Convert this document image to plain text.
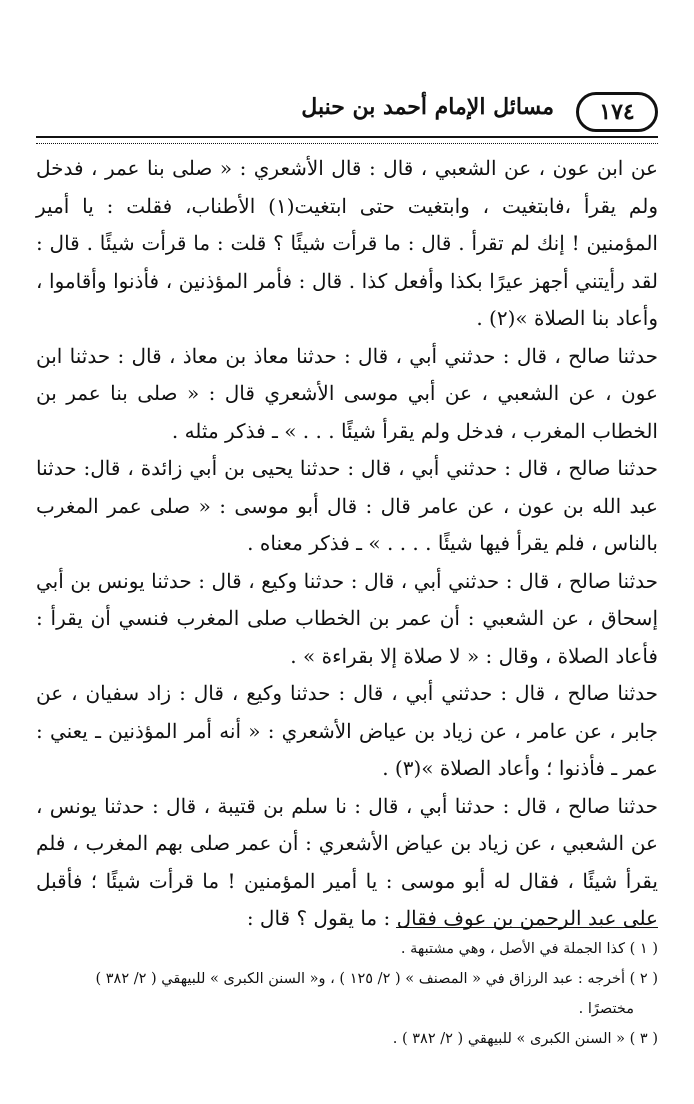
١٧٤
مسائل الإمام أحمد بن حنبل

عن ابن عون ، عن الشعبي ، قال : قال الأشعري : « صلى بنا عمر ، فدخل ولم يقرأ ،فابتغيت ، وابتغيت حتى ابتغيت(١) الأطناب، فقلت : يا أمير المؤمنين ! إنك لم تقرأ . قال : ما قرأت شيئًا ؟ قلت : ما قرأت شيئًا . قال : لقد رأيتني أجهز عيرًا بكذا وأفعل كذا . قال : فأمر المؤذنين ، فأذنوا وأقاموا ، وأعاد بنا الصلاة »(٢) .

حدثنا صالح ، قال : حدثني أبي ، قال : حدثنا معاذ بن معاذ ، قال : حدثنا ابن عون ، عن الشعبي ، عن أبي موسى الأشعري قال : « صلى بنا عمر بن الخطاب المغرب ، فدخل ولم يقرأ شيئًا . . . » ـ فذكر مثله .

حدثنا صالح ، قال : حدثني أبي ، قال : حدثنا يحيى بن أبي زائدة ، قال: حدثنا عبد الله بن عون ، عن عامر قال : قال أبو موسى : « صلى عمر المغرب بالناس ، فلم يقرأ فيها شيئًا . . . . » ـ فذكر معناه .

حدثنا صالح ، قال : حدثني أبي ، قال : حدثنا وكيع ، قال : حدثنا يونس بن أبي إسحاق ، عن الشعبي : أن عمر بن الخطاب صلى المغرب فنسي أن يقرأ : فأعاد الصلاة ، وقال : « لا صلاة إلا بقراءة » .

حدثنا صالح ، قال : حدثني أبي ، قال : حدثنا وكيع ، قال : زاد سفيان ، عن جابر ، عن عامر ، عن زياد بن عياض الأشعري : « أنه أمر المؤذنين ـ يعني : عمر ـ فأذنوا ؛ وأعاد الصلاة »(٣) .

حدثنا صالح ، قال : حدثنا أبي ، قال : نا سلم بن قتيبة ، قال : حدثنا يونس ، عن الشعبي ، عن زياد بن عياض الأشعري : أن عمر صلى بهم المغرب ، فلم يقرأ شيئًا ، فقال له أبو موسى : يا أمير المؤمنين ! ما قرأت شيئًا ؛ فأقبل على عبد الرحمن بن عوف فقال : ما يقول ؟ قال :

( ١ ) كذا الجملة في الأصل ، وهي مشتبهة .

( ٢ ) أخرجه : عبد الرزاق في « المصنف » ( ٢/ ١٢٥ ) ، و« السنن الكبرى » للبيهقي ( ٢/ ٣٨٢ )

مختصرًا .

( ٣ ) « السنن الكبرى » للبيهقي ( ٢/ ٣٨٢ ) .
